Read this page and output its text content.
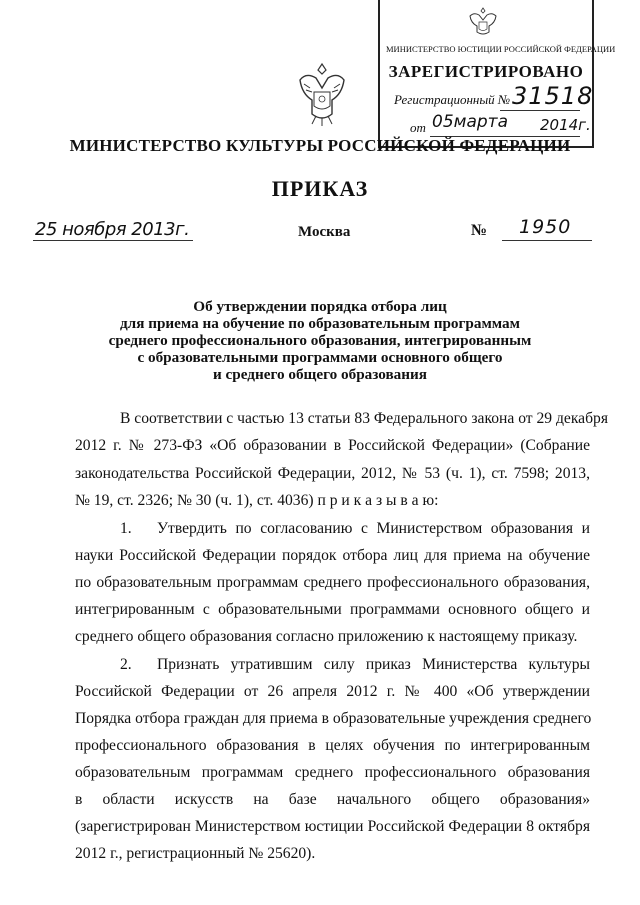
МИНИСТЕРСТВО ЮСТИЦИИ РОССИЙСКОЙ ФЕДЕРАЦИИ
ЗАРЕГИСТРИРОВАНО
Регистрационный № 31518
от 05марта 2014г.
МИНИСТЕРСТВО КУЛЬТУРЫ РОССИЙСКОЙ ФЕДЕРАЦИИ
ПРИКАЗ
25 ноября 2013г.	Москва	№ 1950
Об утверждении порядка отбора лиц
для приема на обучение по образовательным программам
среднего профессионального образования, интегрированным
с образовательными программами основного общего
и среднего общего образования
В соответствии с частью 13 статьи 83 Федерального закона от 29 декабря
2012 г. № 273-ФЗ «Об образовании в Российской Федерации» (Собрание
законодательства Российской Федерации, 2012, № 53 (ч. 1), ст. 7598; 2013,
№ 19, ст. 2326; № 30 (ч. 1), ст. 4036) п р и к а з ы в а ю:
1. Утвердить по согласованию с Министерством образования и
науки Российской Федерации порядок отбора лиц для приема на обучение
по образовательным программам среднего профессионального образования,
интегрированным с образовательными программами основного общего и
среднего общего образования согласно приложению к настоящему приказу.
2. Признать утратившим силу приказ Министерства культуры
Российской Федерации от 26 апреля 2012 г. № 400 «Об утверждении
Порядка отбора граждан для приема в образовательные учреждения среднего
профессионального образования в целях обучения по интегрированным
образовательным программам среднего профессионального образования
в области искусств на базе начального общего образования»
(зарегистрирован Министерством юстиции Российской Федерации 8 октября
2012 г., регистрационный № 25620).
